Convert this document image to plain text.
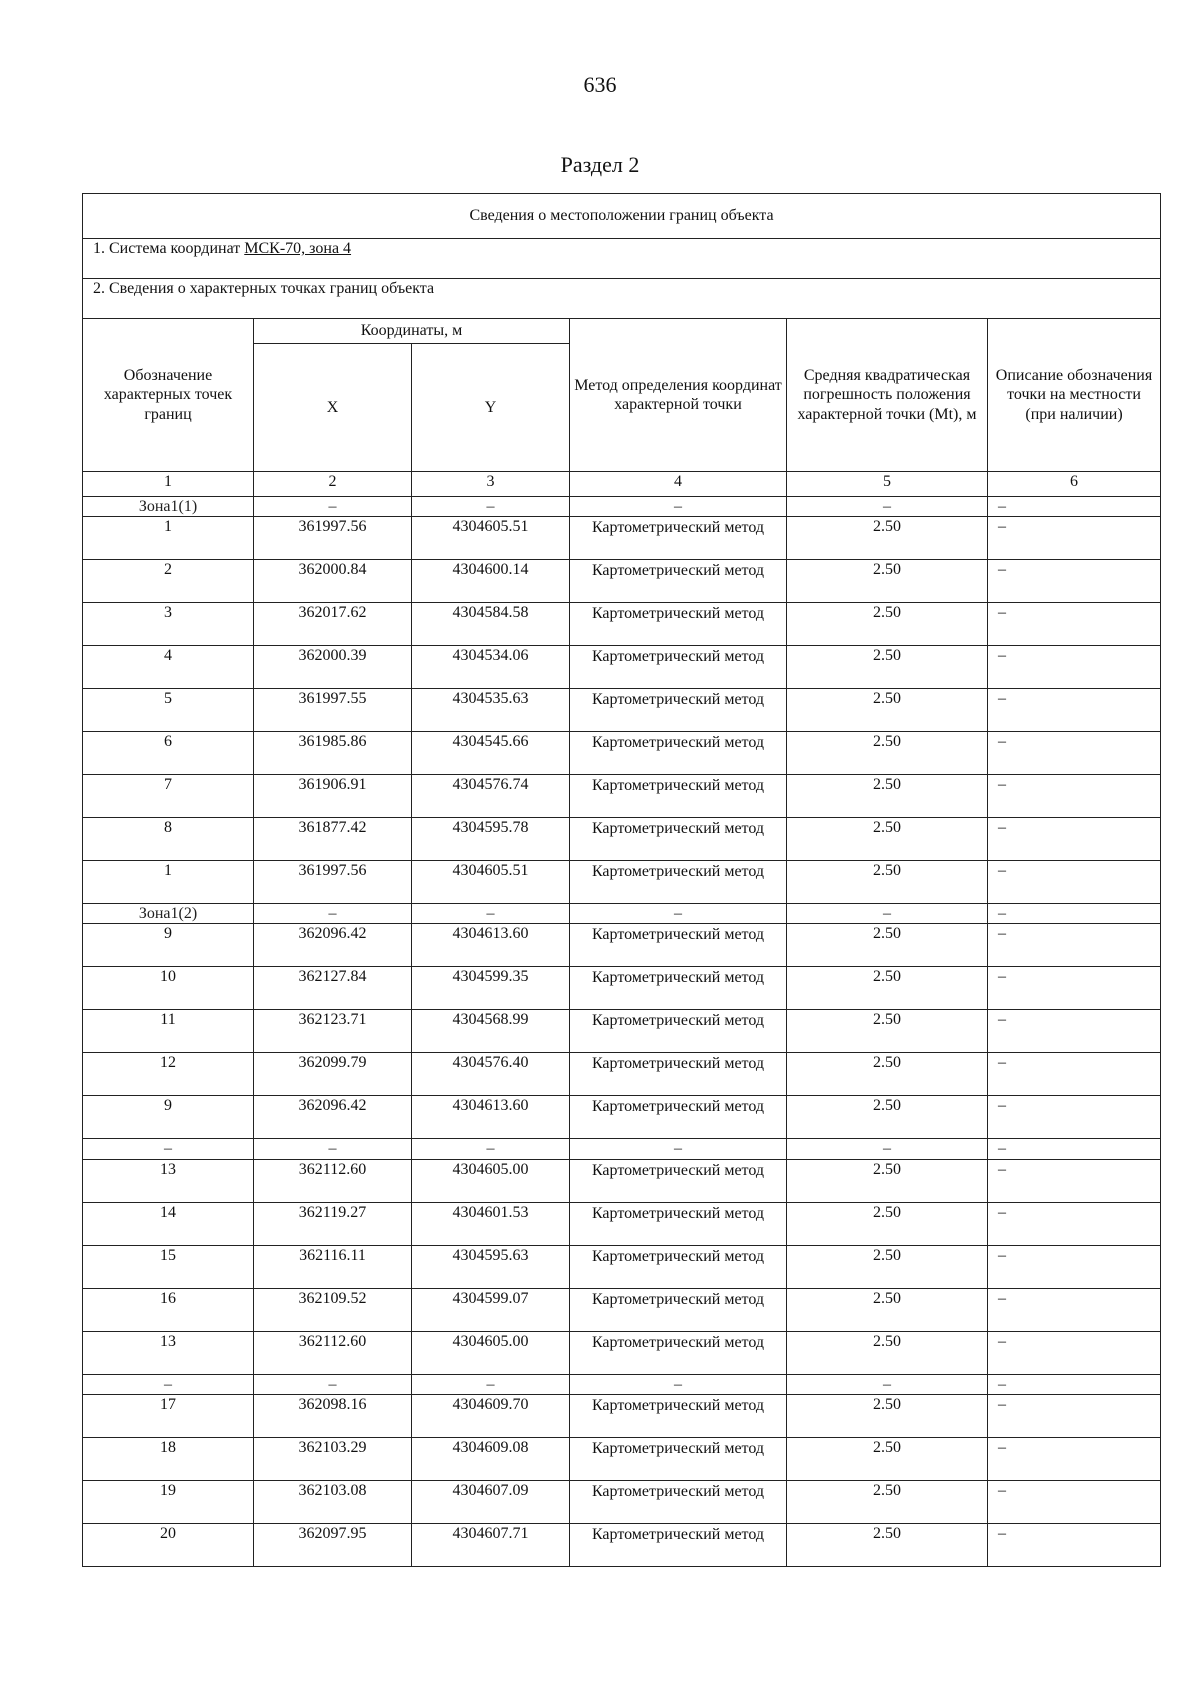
636
Раздел 2
Сведения о местоположении границ объекта					
1. Система координат МСК-70, зона 4					
2. Сведения о характерных точках границ объекта					
Обозначение характерных точек границ	Координаты, м		Метод определения координат характерной точки	Средняя квадратическая погрешность положения характерной точки (Mt), м	Описание обозначения точки на местности (при наличии)
	X	Y			
1	2	3	4	5	6
Зона1(1)	–	–	–	–	–
1	361997.56	4304605.51	Картометрический метод	2.50	–
2	362000.84	4304600.14	Картометрический метод	2.50	–
3	362017.62	4304584.58	Картометрический метод	2.50	–
4	362000.39	4304534.06	Картометрический метод	2.50	–
5	361997.55	4304535.63	Картометрический метод	2.50	–
6	361985.86	4304545.66	Картометрический метод	2.50	–
7	361906.91	4304576.74	Картометрический метод	2.50	–
8	361877.42	4304595.78	Картометрический метод	2.50	–
1	361997.56	4304605.51	Картометрический метод	2.50	–
Зона1(2)	–	–	–	–	–
9	362096.42	4304613.60	Картометрический метод	2.50	–
10	362127.84	4304599.35	Картометрический метод	2.50	–
11	362123.71	4304568.99	Картометрический метод	2.50	–
12	362099.79	4304576.40	Картометрический метод	2.50	–
9	362096.42	4304613.60	Картометрический метод	2.50	–
–	–	–	–	–	–
13	362112.60	4304605.00	Картометрический метод	2.50	–
14	362119.27	4304601.53	Картометрический метод	2.50	–
15	362116.11	4304595.63	Картометрический метод	2.50	–
16	362109.52	4304599.07	Картометрический метод	2.50	–
13	362112.60	4304605.00	Картометрический метод	2.50	–
–	–	–	–	–	–
17	362098.16	4304609.70	Картометрический метод	2.50	–
18	362103.29	4304609.08	Картометрический метод	2.50	–
19	362103.08	4304607.09	Картометрический метод	2.50	–
20	362097.95	4304607.71	Картометрический метод	2.50	–
